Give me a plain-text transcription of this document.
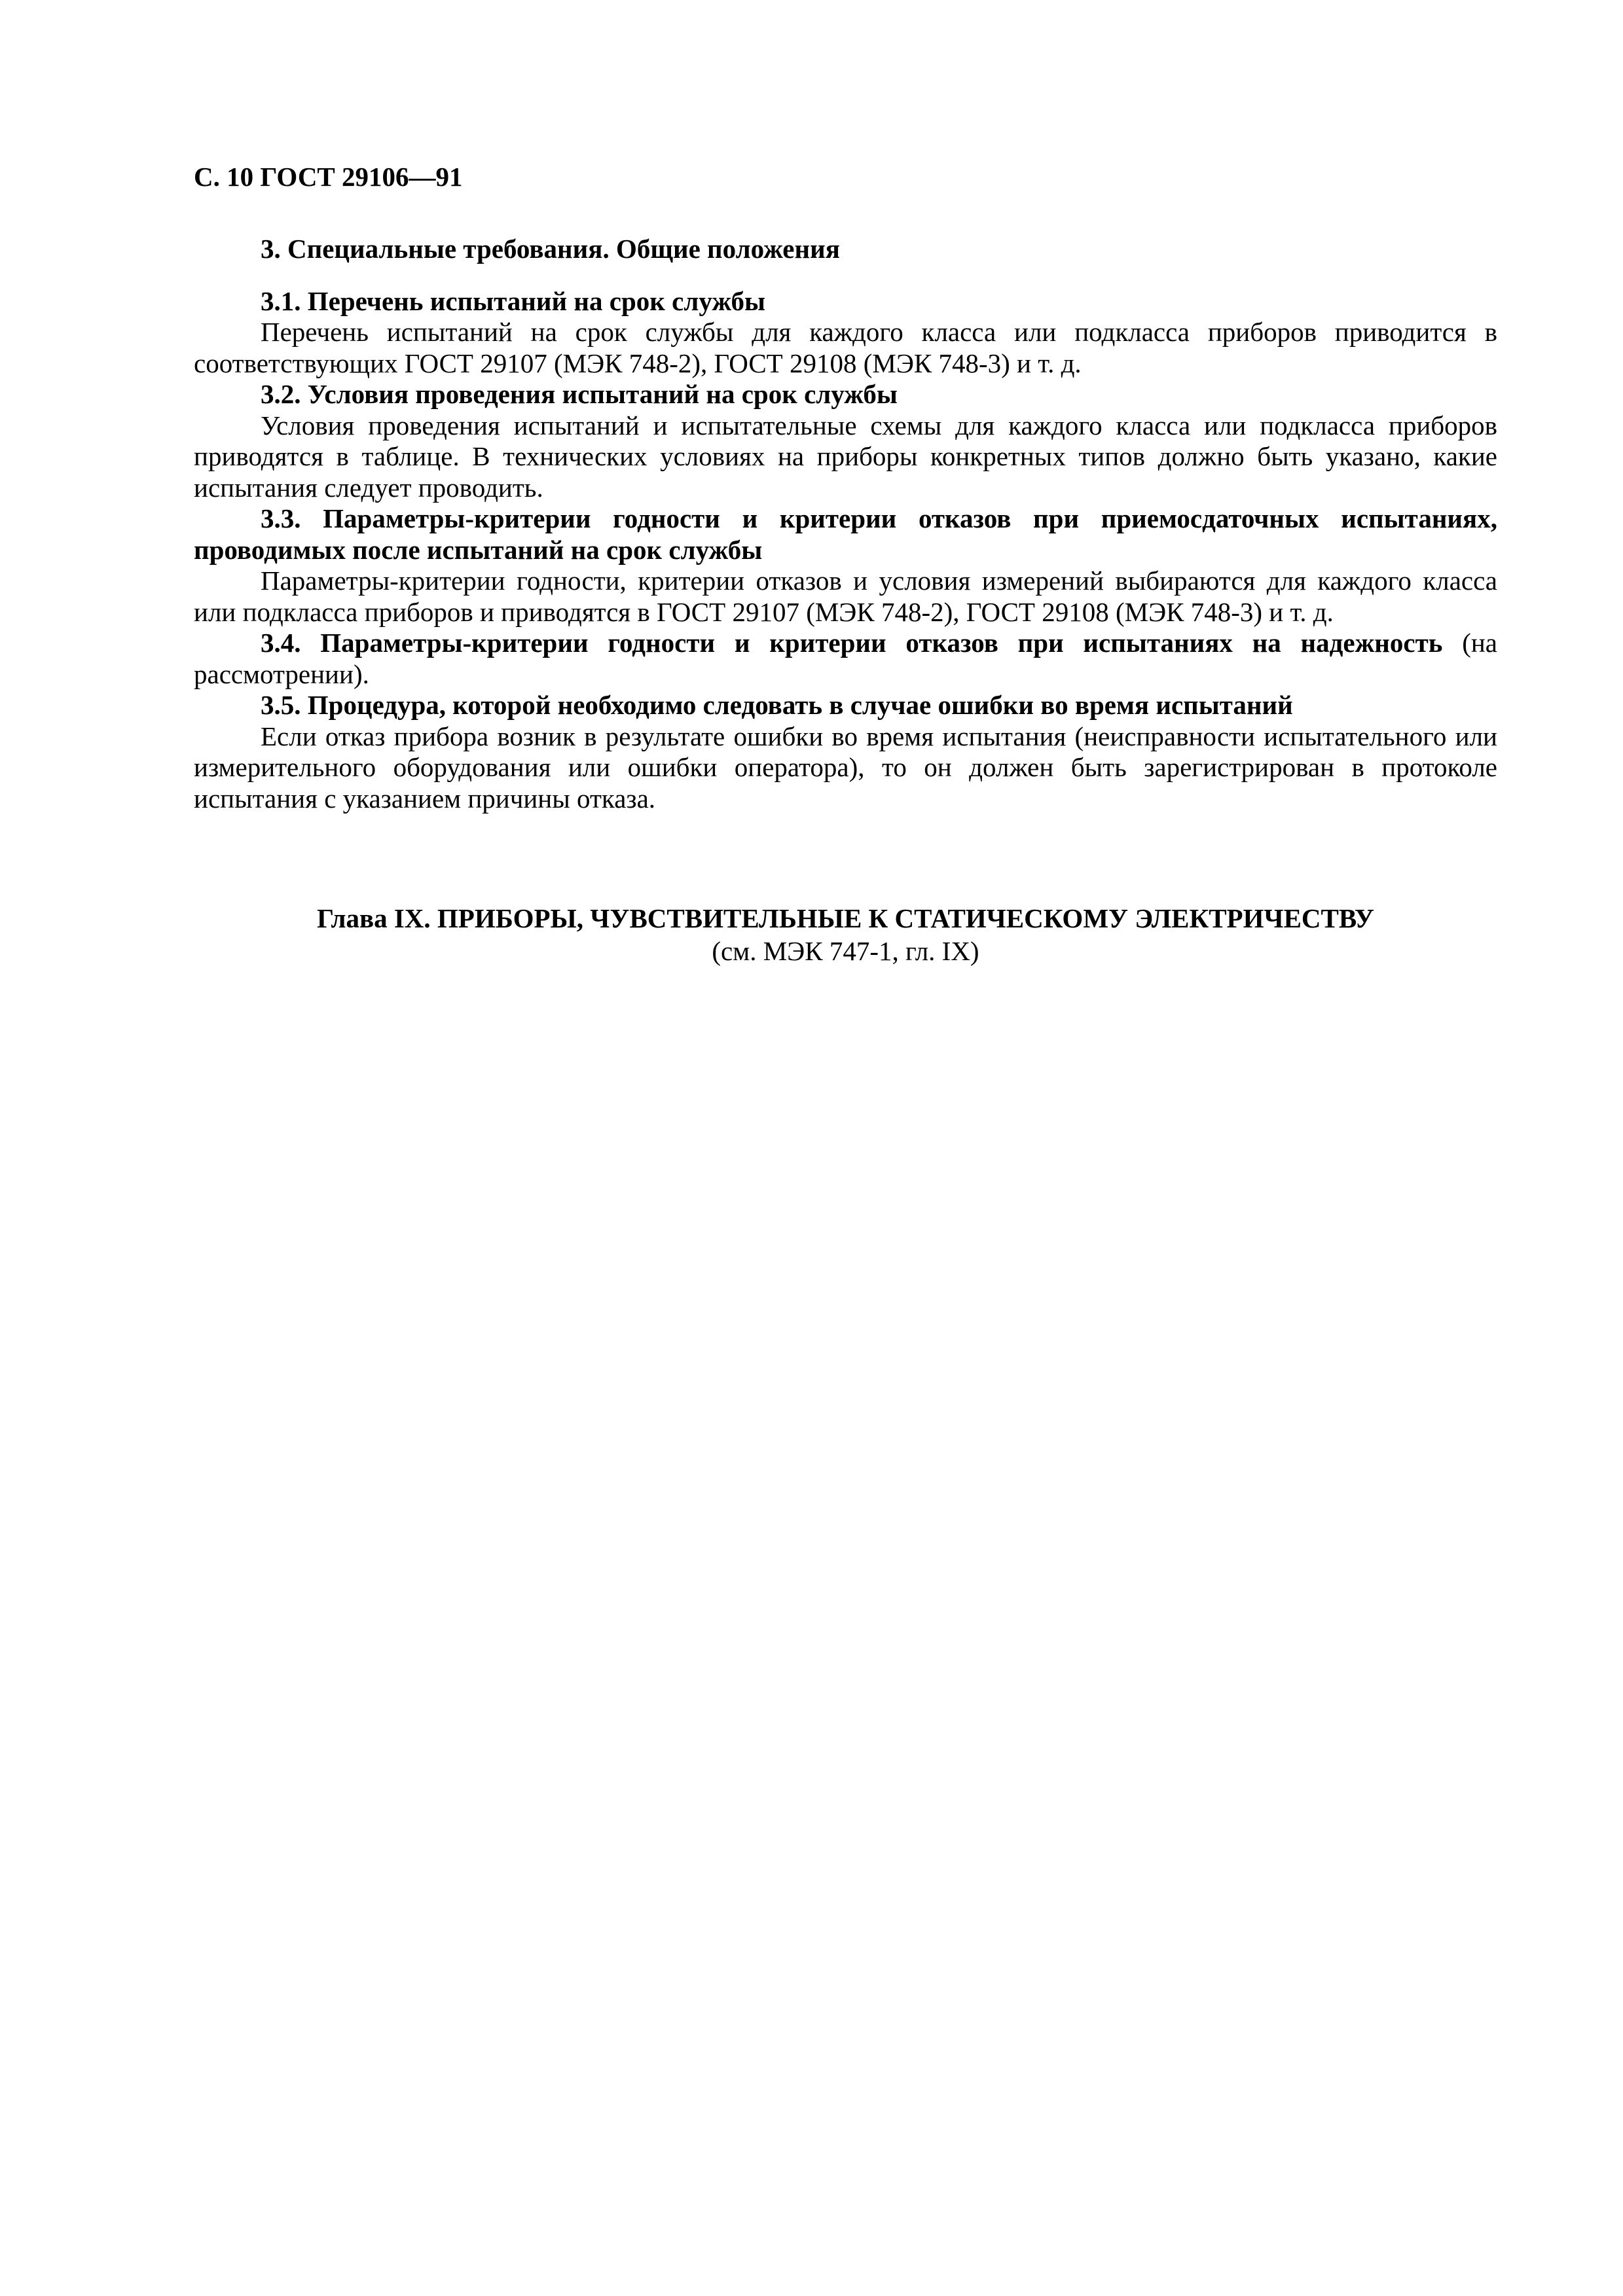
С. 10 ГОСТ 29106—91

3. Специальные требования. Общие положения

3.1. Перечень испытаний на срок службы

Перечень испытаний на срок службы для каждого класса или подкласса приборов приводится в соответствующих ГОСТ 29107 (МЭК 748-2), ГОСТ 29108 (МЭК 748-3) и т. д.

3.2. Условия проведения испытаний на срок службы

Условия проведения испытаний и испытательные схемы для каждого класса или подкласса приборов приводятся в таблице. В технических условиях на приборы конкретных типов должно быть указано, какие испытания следует проводить.

3.3. Параметры-критерии годности и критерии отказов при приемосдаточных испытаниях, проводимых после испытаний на срок службы

Параметры-критерии годности, критерии отказов и условия измерений выбираются для каждого класса или подкласса приборов и приводятся в ГОСТ 29107 (МЭК 748-2), ГОСТ 29108 (МЭК 748-3) и т. д.

3.4. Параметры-критерии годности и критерии отказов при испытаниях на надежность (на рассмотрении).

3.5. Процедура, которой необходимо следовать в случае ошибки во время испытаний

Если отказ прибора возник в результате ошибки во время испытания (неисправности испытательного или измерительного оборудования или ошибки оператора), то он должен быть зарегистрирован в протоколе испытания с указанием причины отказа.

Глава IX. ПРИБОРЫ, ЧУВСТВИТЕЛЬНЫЕ К СТАТИЧЕСКОМУ ЭЛЕКТРИЧЕСТВУ
(см. МЭК 747-1, гл. IX)
